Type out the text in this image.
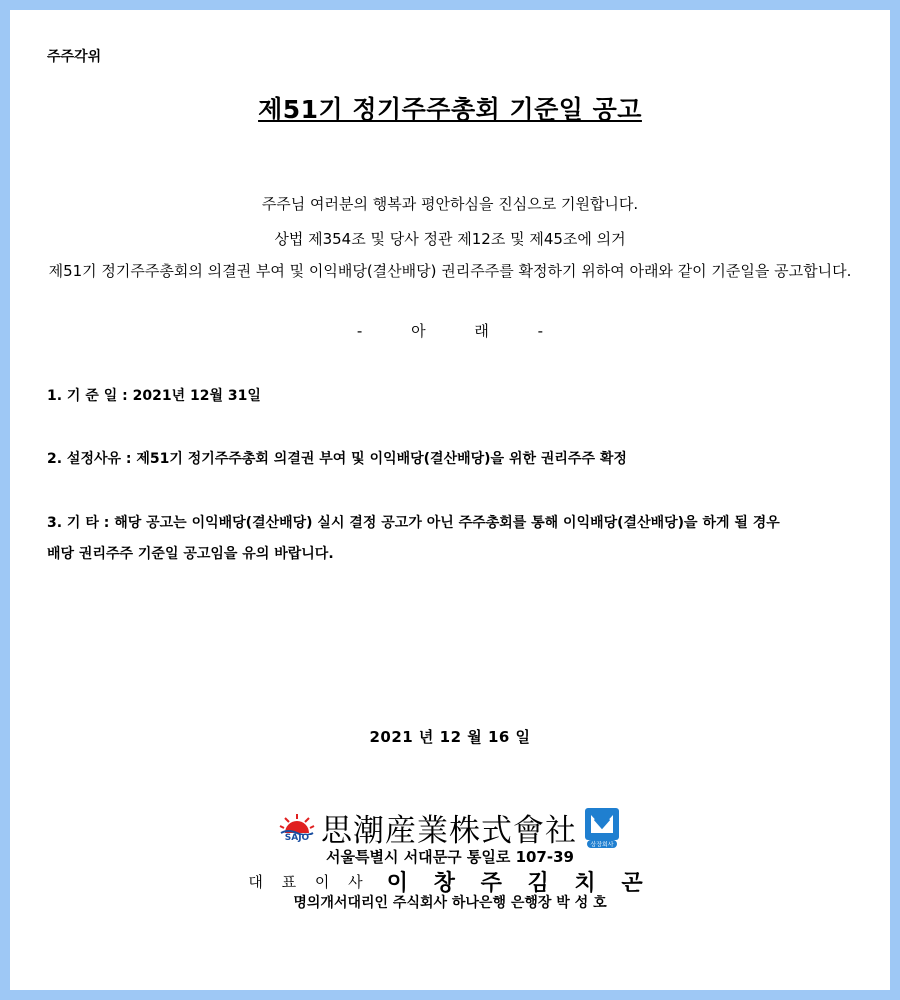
주주각위
제51기 정기주주총회 기준일 공고
주주님 여러분의 행복과 평안하심을 진심으로 기원합니다.
상법 제354조 및 당사 정관 제12조 및 제45조에 의거
제51기 정기주주총회의 의결권 부여 및 이익배당(결산배당) 권리주주를 확정하기 위하여 아래와 같이 기준일을 공고합니다.
-	아	래	-
1. 기 준 일 : 2021년 12월 31일
2. 설정사유 : 제51기 정기주주총회 의결권 부여 및 이익배당(결산배당)을 위한 권리주주 확정
3. 기 타 : 해당 공고는 이익배당(결산배당) 실시 결정 공고가 아닌 주주총회를 통해 이익배당(결산배당)을 하게 될 경우
배당 권리주주 기준일 공고임을 유의 바랍니다.
2021 년 12 월 16 일
SAJO 思潮産業株式會社 상장회사
서울특별시 서대문구 통일로 107-39
대 표 이 사 이 창 주 김 치 곤
명의개서대리인 주식회사 하나은행 은행장 박 성 호
